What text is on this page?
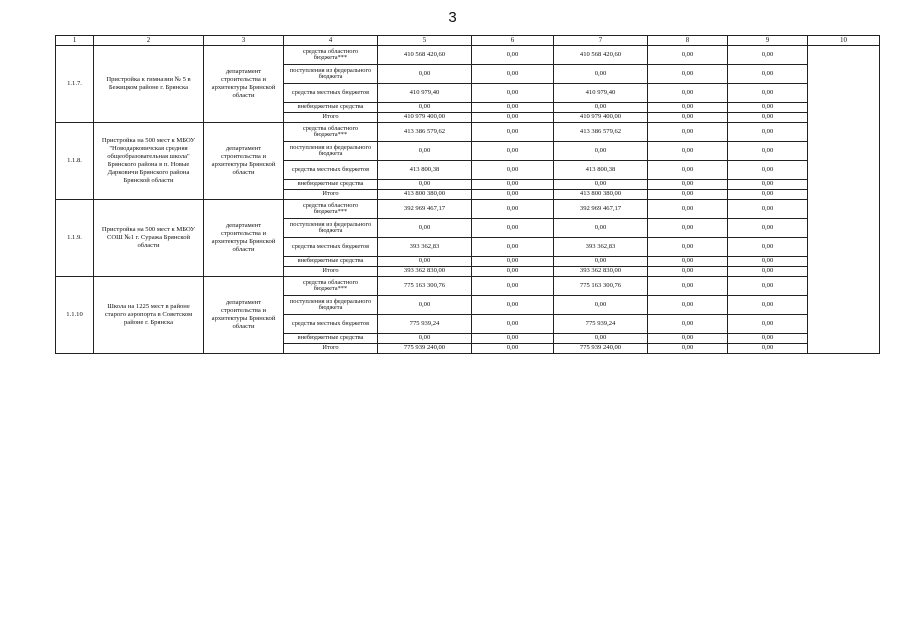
3
1	2	3	4	5	6	7	8	9	10
1.1.7.	Пристройка к гимназии № 5 в Бежицком районе г. Брянска	департамент строительства и архитектуры Брянской области	средства областного бюджета***	410 568 420,60	0,00	410 568 420,60	0,00	0,00	
			поступления из федерального бюджета	0,00	0,00	0,00	0,00	0,00	
			средства местных бюджетов	410 979,40	0,00	410 979,40	0,00	0,00	
			внебюджетные средства	0,00	0,00	0,00	0,00	0,00	
			Итого	410 979 400,00	0,00	410 979 400,00	0,00	0,00	
1.1.8.	Пристройка на 500 мест к МБОУ "Новодарковичская средняя общеобразовательная школа" Брянского района в п. Новые Дарковичи Брянского района Брянской области	департамент строительства и архитектуры Брянской области	средства областного бюджета***	413 386 579,62	0,00	413 386 579,62	0,00	0,00	
			поступления из федерального бюджета	0,00	0,00	0,00	0,00	0,00	
			средства местных бюджетов	413 800,38	0,00	413 800,38	0,00	0,00	
			внебюджетные средства	0,00	0,00	0,00	0,00	0,00	
			Итого	413 800 380,00	0,00	413 800 380,00	0,00	0,00	
1.1.9.	Пристройка на 500 мест к МБОУ СОШ №1 г. Суража Брянской области	департамент строительства и архитектуры Брянской области	средства областного бюджета***	392 969 467,17	0,00	392 969 467,17	0,00	0,00	
			поступления из федерального бюджета	0,00	0,00	0,00	0,00	0,00	
			средства местных бюджетов	393 362,83	0,00	393 362,83	0,00	0,00	
			внебюджетные средства	0,00	0,00	0,00	0,00	0,00	
			Итого	393 362 830,00	0,00	393 362 830,00	0,00	0,00	
1.1.10	Школа на 1225 мест в районе старого аэропорта в Советском районе г. Брянска	департамент строительства и архитектуры Брянской области	средства областного бюджета***	775 163 300,76	0,00	775 163 300,76	0,00	0,00	
			поступления из федерального бюджета	0,00	0,00	0,00	0,00	0,00	
			средства местных бюджетов	775 939,24	0,00	775 939,24	0,00	0,00	
			внебюджетные средства	0,00	0,00	0,00	0,00	0,00	
			Итого	775 939 240,00	0,00	775 939 240,00	0,00	0,00	
